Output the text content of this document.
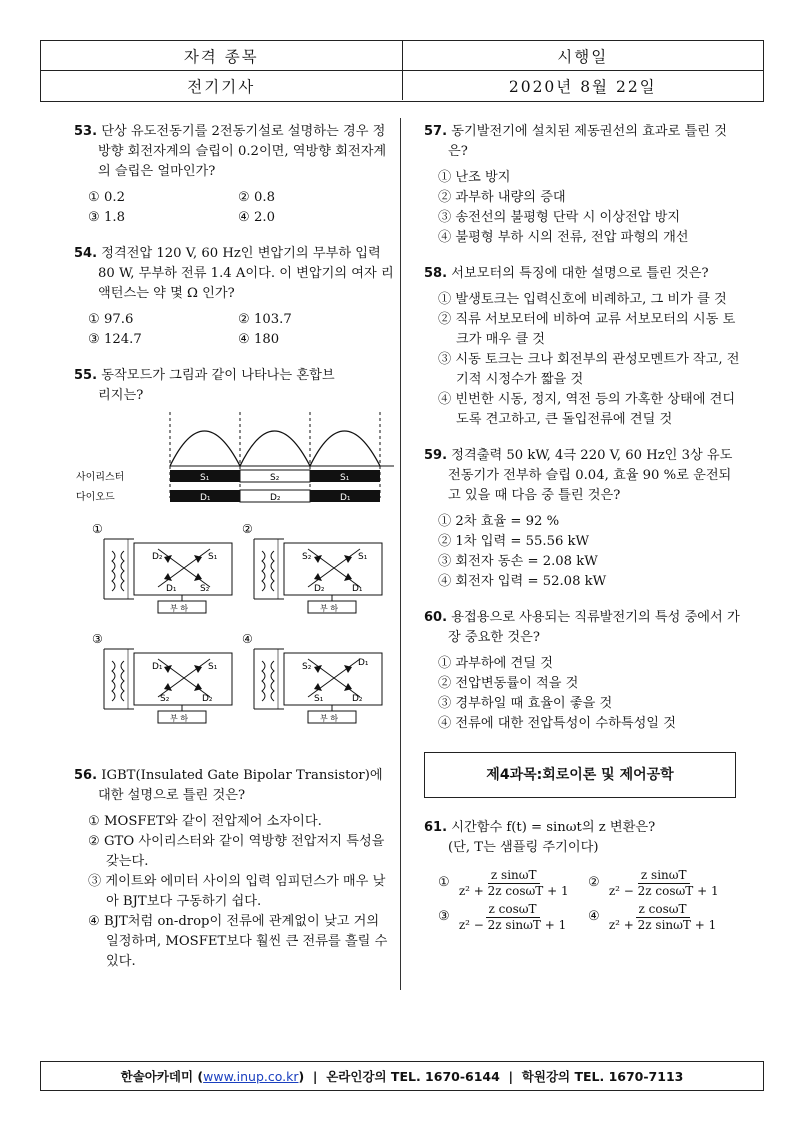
자격 종목	시행일
전기기사	2020년 8월 22일
53. 단상 유도전동기를 2전동기설로 설명하는 경우 정방향 회전자계의 슬립이 0.2이면, 역방향 회전자계의 슬립은 얼마인가?
① 0.2	② 0.8
③ 1.8	④ 2.0
54. 정격전압 120 V, 60 Hz인 변압기의 무부하 입력 80 W, 무부하 전류 1.4 A이다. 이 변압기의 여자 리액턴스는 약 몇 Ω 인가?
① 97.6	② 103.7
③ 124.7	④ 180
55. 동작모드가 그림과 같이 나타나는 혼합브리지는?
사이리스터	S₁	S₂	S₁
다이오드	D₁	D₂	D₁

①	②
③	④
D₂	S₁
D₁	S₂
부 하
S₂	S₁
D₂	D₁
부 하
D₁	S₁
S₂	D₂
부 하
S₂	D₁
S₁	D₂
부 하
56. IGBT(Insulated Gate Bipolar Transistor)에 대한 설명으로 틀린 것은?
① MOSFET와 같이 전압제어 소자이다.
② GTO 사이리스터와 같이 역방향 전압저지 특성을 갖는다.
③ 게이트와 에미터 사이의 입력 임피던스가 매우 낮아 BJT보다 구동하기 쉽다.
④ BJT처럼 on-drop이 전류에 관계없이 낮고 거의 일정하며, MOSFET보다 훨씬 큰 전류를 흘릴 수 있다.
57. 동기발전기에 설치된 제동권선의 효과로 틀린 것은?
① 난조 방지
② 과부하 내량의 증대
③ 송전선의 불평형 단락 시 이상전압 방지
④ 불평형 부하 시의 전류, 전압 파형의 개선
58. 서보모터의 특징에 대한 설명으로 틀린 것은?
① 발생토크는 입력신호에 비례하고, 그 비가 클 것
② 직류 서보모터에 비하여 교류 서보모터의 시동 토크가 매우 클 것
③ 시동 토크는 크나 회전부의 관성모멘트가 작고, 전기적 시정수가 짧을 것
④ 빈번한 시동, 정지, 역전 등의 가혹한 상태에 견디도록 견고하고, 큰 돌입전류에 견딜 것
59. 정격출력 50 kW, 4극 220 V, 60 Hz인 3상 유도전동기가 전부하 슬립 0.04, 효율 90 %로 운전되고 있을 때 다음 중 틀린 것은?
① 2차 효율 = 92 %
② 1차 입력 = 55.56 kW
③ 회전자 동손 = 2.08 kW
④ 회전자 입력 = 52.08 kW
60. 용접용으로 사용되는 직류발전기의 특성 중에서 가장 중요한 것은?
① 과부하에 견딜 것
② 전압변동률이 적을 것
③ 경부하일 때 효율이 좋을 것
④ 전류에 대한 전압특성이 수하특성일 것
제4과목:회로이론 및 제어공학
61. 시간함수 f(t) = sinωt의 z 변환은?
(단, T는 샘플링 주기이다)
① $\frac{\text{z sinωT}}{\text{z² + 2z cosωT + 1}}$ ② $\frac{\text{z sinωT}}{\text{z² − 2z cosωT + 1}}$
③ $\frac{\text{z cosωT}}{\text{z² − 2z sinωT + 1}}$ ④ $\frac{\text{z cosωT}}{\text{z² + 2z sinωT + 1}}$
한솔아카데미 ( www.inup.co.kr )  |  온라인강의 TEL. 1670-6144  |  학원강의 TEL. 1670-7113
